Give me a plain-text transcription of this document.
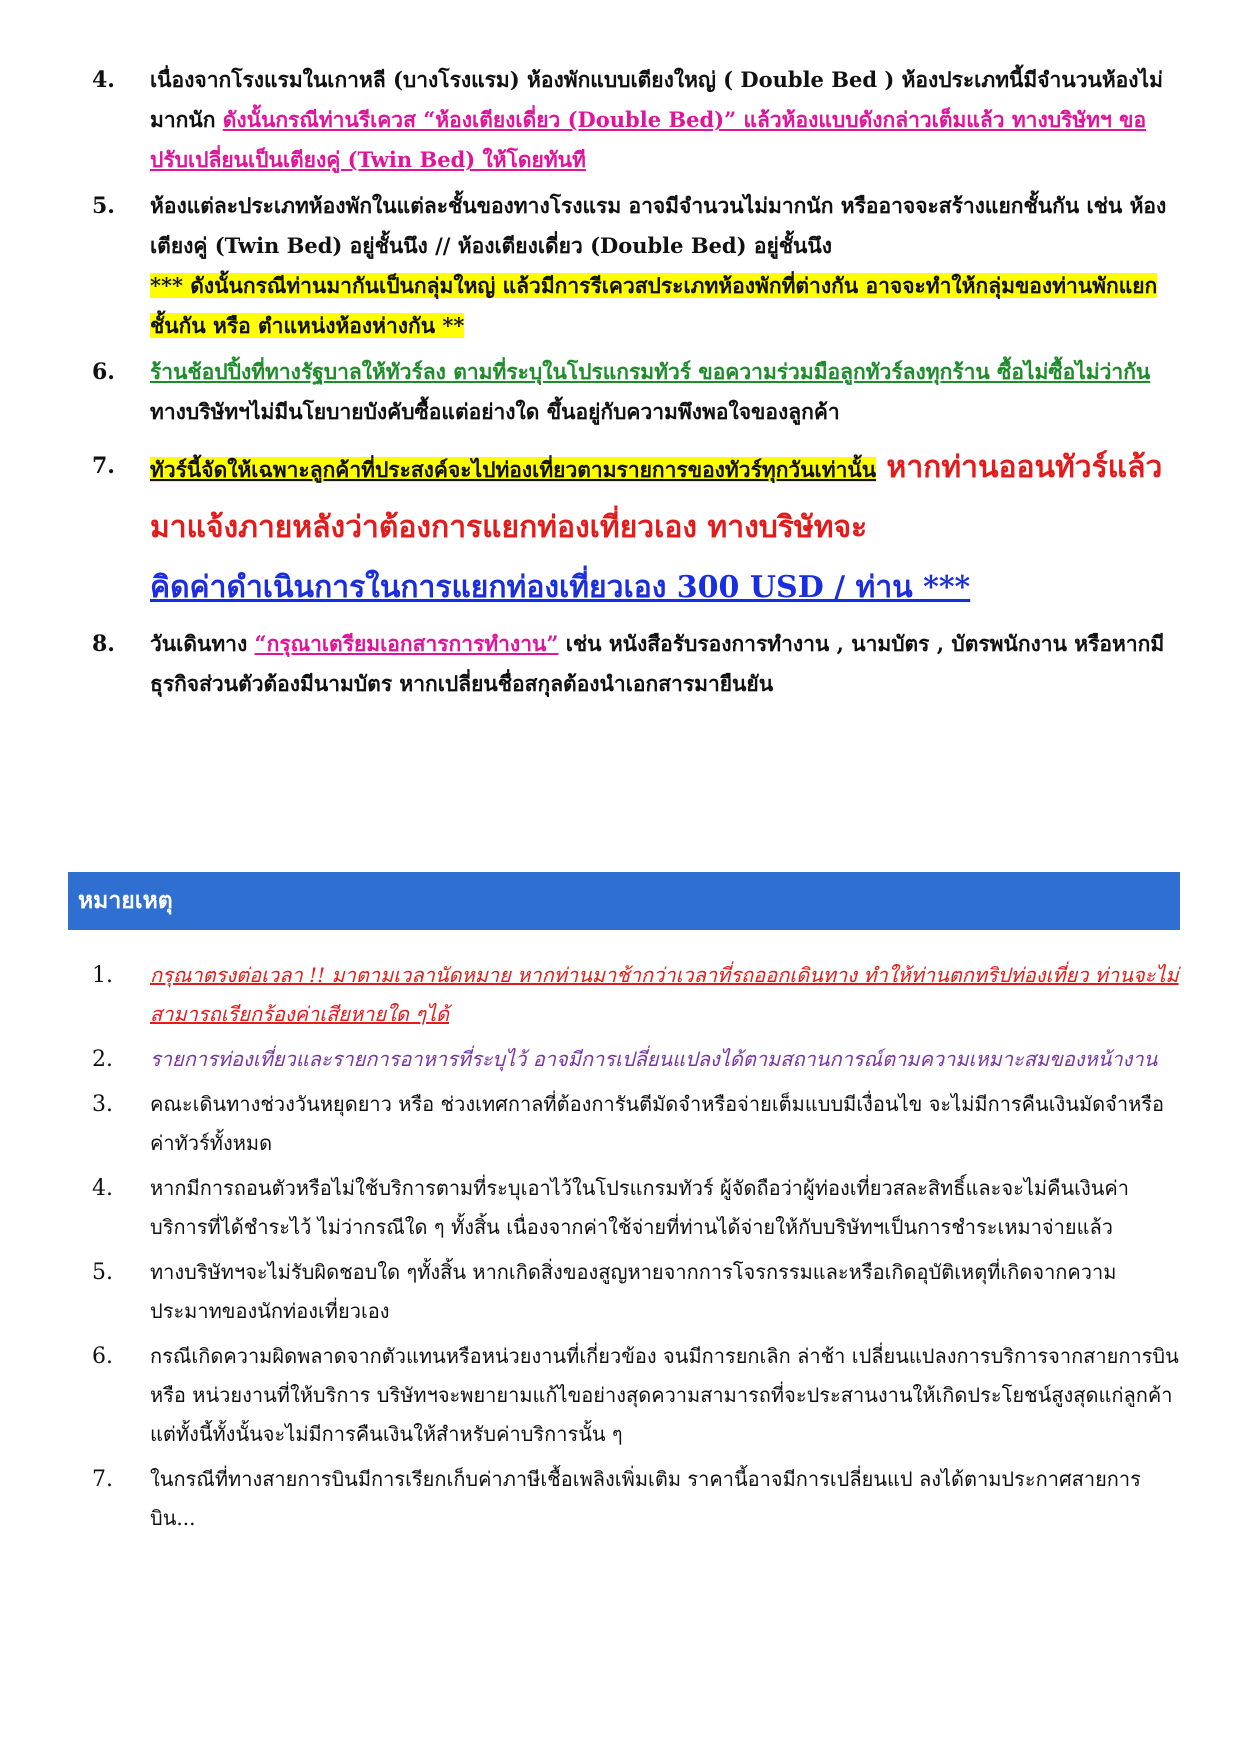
4.	เนื่องจากโรงแรมในเกาหลี (บางโรงแรม) ห้องพักแบบเตียงใหญ่ ( Double Bed ) ห้องประเภทนี้มีจำนวนห้องไม่มากนัก ดังนั้นกรณีท่านรีเควส “ห้องเตียงเดี่ยว (Double Bed)” แล้วห้องแบบดังกล่าวเต็มแล้ว ทางบริษัทฯ ขอปรับเปลี่ยนเป็นเตียงคู่ (Twin Bed) ให้โดยทันที
5.	ห้องแต่ละประเภทห้องพักในแต่ละชั้นของทางโรงแรม อาจมีจำนวนไม่มากนัก หรืออาจจะสร้างแยกชั้นกัน เช่น ห้องเตียงคู่ (Twin Bed) อยู่ชั้นนึง // ห้องเตียงเดี่ยว (Double Bed) อยู่ชั้นนึง
*** ดังนั้นกรณีท่านมากันเป็นกลุ่มใหญ่ แล้วมีการรีเควสประเภทห้องพักที่ต่างกัน อาจจะทำให้กลุ่มของท่านพักแยกชั้นกัน หรือ ตำแหน่งห้องห่างกัน **
6.	ร้านช้อปปิ้งที่ทางรัฐบาลให้ทัวร์ลง ตามที่ระบุในโปรแกรมทัวร์ ขอความร่วมมือลูกทัวร์ลงทุกร้าน ซื้อไม่ซื้อไม่ว่ากัน ทางบริษัทฯไม่มีนโยบายบังคับซื้อแต่อย่างใด ขึ้นอยู่กับความพึงพอใจของลูกค้า
7.	ทัวร์นี้จัดให้เฉพาะลูกค้าที่ประสงค์จะไปท่องเที่ยวตามรายการของทัวร์ทุกวันเท่านั้น หากท่านออนทัวร์แล้วมาแจ้งภายหลังว่าต้องการแยกท่องเที่ยวเอง ทางบริษัทจะ
คิดค่าดำเนินการในการแยกท่องเที่ยวเอง 300 USD / ท่าน ***
8.	วันเดินทาง “กรุณาเตรียมเอกสารการทำงาน” เช่น หนังสือรับรองการทำงาน , นามบัตร , บัตรพนักงาน หรือหากมีธุรกิจส่วนตัวต้องมีนามบัตร หากเปลี่ยนชื่อสกุลต้องนำเอกสารมายืนยัน
หมายเหตุ
1.	กรุณาตรงต่อเวลา !! มาตามเวลานัดหมาย หากท่านมาช้ากว่าเวลาที่รถออกเดินทาง ทำให้ท่านตกทริปท่องเที่ยว ท่านจะไม่สามารถเรียกร้องค่าเสียหายใด ๆได้
2.	รายการท่องเที่ยวและรายการอาหารที่ระบุไว้ อาจมีการเปลี่ยนแปลงได้ตามสถานการณ์ตามความเหมาะสมของหน้างาน
3.	คณะเดินทางช่วงวันหยุดยาว หรือ ช่วงเทศกาลที่ต้องการันตีมัดจำหรือจ่ายเต็มแบบมีเงื่อนไข จะไม่มีการคืนเงินมัดจำหรือค่าทัวร์ทั้งหมด
4.	หากมีการถอนตัวหรือไม่ใช้บริการตามที่ระบุเอาไว้ในโปรแกรมทัวร์ ผู้จัดถือว่าผู้ท่องเที่ยวสละสิทธิ์และจะไม่คืนเงินค่าบริการที่ได้ชำระไว้ ไม่ว่ากรณีใด ๆ ทั้งสิ้น เนื่องจากค่าใช้จ่ายที่ท่านได้จ่ายให้กับบริษัทฯเป็นการชำระเหมาจ่ายแล้ว
5.	ทางบริษัทฯจะไม่รับผิดชอบใด ๆทั้งสิ้น หากเกิดสิ่งของสูญหายจากการโจรกรรมและหรือเกิดอุบัติเหตุที่เกิดจากความประมาทของนักท่องเที่ยวเอง
6.	กรณีเกิดความผิดพลาดจากตัวแทนหรือหน่วยงานที่เกี่ยวข้อง จนมีการยกเลิก ล่าช้า เปลี่ยนแปลงการบริการจากสายการบิน หรือ หน่วยงานที่ให้บริการ บริษัทฯจะพยายามแก้ไขอย่างสุดความสามารถที่จะประสานงานให้เกิดประโยชน์สูงสุดแก่ลูกค้า แต่ทั้งนี้ทั้งนั้นจะไม่มีการคืนเงินให้สำหรับค่าบริการนั้น ๆ
7.	ในกรณีที่ทางสายการบินมีการเรียกเก็บค่าภาษีเชื้อเพลิงเพิ่มเติม ราคานี้อาจมีการเปลี่ยนแป ลงได้ตามประกาศสายการบิน...
